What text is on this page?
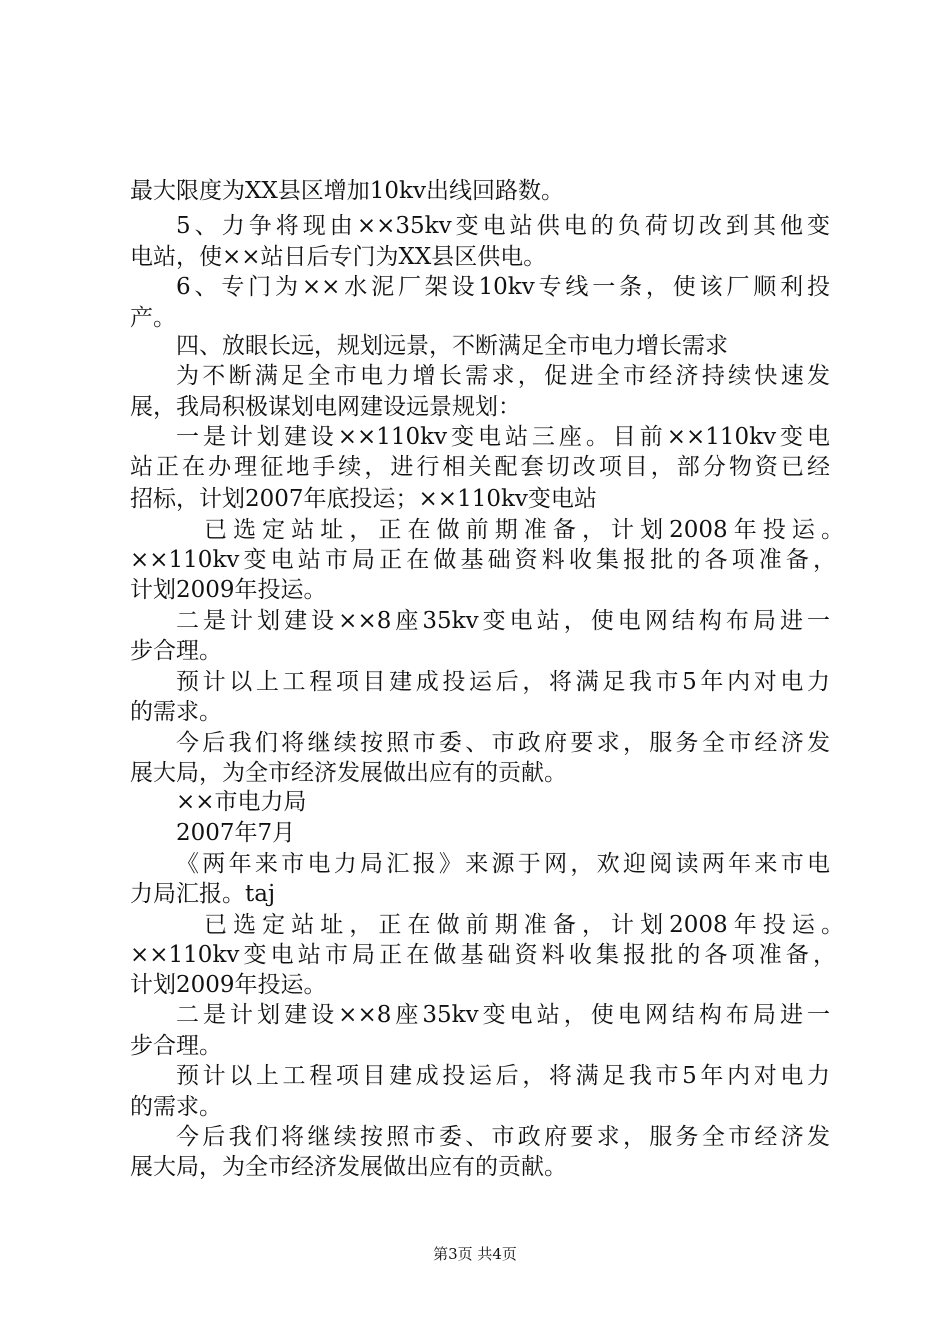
最大限度为XX县区增加10kv出线回路数。
5、力争将现由××35kv变电站供电的负荷切改到其他变
电站，使××站日后专门为XX县区供电。
6、专门为××水泥厂架设10kv专线一条，使该厂顺利投
产。
四、放眼长远，规划远景，不断满足全市电力增长需求
为不断满足全市电力增长需求，促进全市经济持续快速发
展，我局积极谋划电网建设远景规划：
一是计划建设××110kv变电站三座。目前××110kv变电
站正在办理征地手续，进行相关配套切改项目，部分物资已经
招标，计划2007年底投运；××110kv变电站
已选定站址，正在做前期准备，计划2008年投运。
××110kv变电站市局正在做基础资料收集报批的各项准备，
计划2009年投运。
二是计划建设××8座35kv变电站，使电网结构布局进一
步合理。
预计以上工程项目建成投运后，将满足我市5年内对电力
的需求。
今后我们将继续按照市委、市政府要求，服务全市经济发
展大局，为全市经济发展做出应有的贡献。
××市电力局
2007年7月
《两年来市电力局汇报》来源于网，欢迎阅读两年来市电
力局汇报。taj
已选定站址，正在做前期准备，计划2008年投运。
××110kv变电站市局正在做基础资料收集报批的各项准备，
计划2009年投运。
二是计划建设××8座35kv变电站，使电网结构布局进一
步合理。
预计以上工程项目建成投运后，将满足我市5年内对电力
的需求。
今后我们将继续按照市委、市政府要求，服务全市经济发
展大局，为全市经济发展做出应有的贡献。
第3页 共4页
